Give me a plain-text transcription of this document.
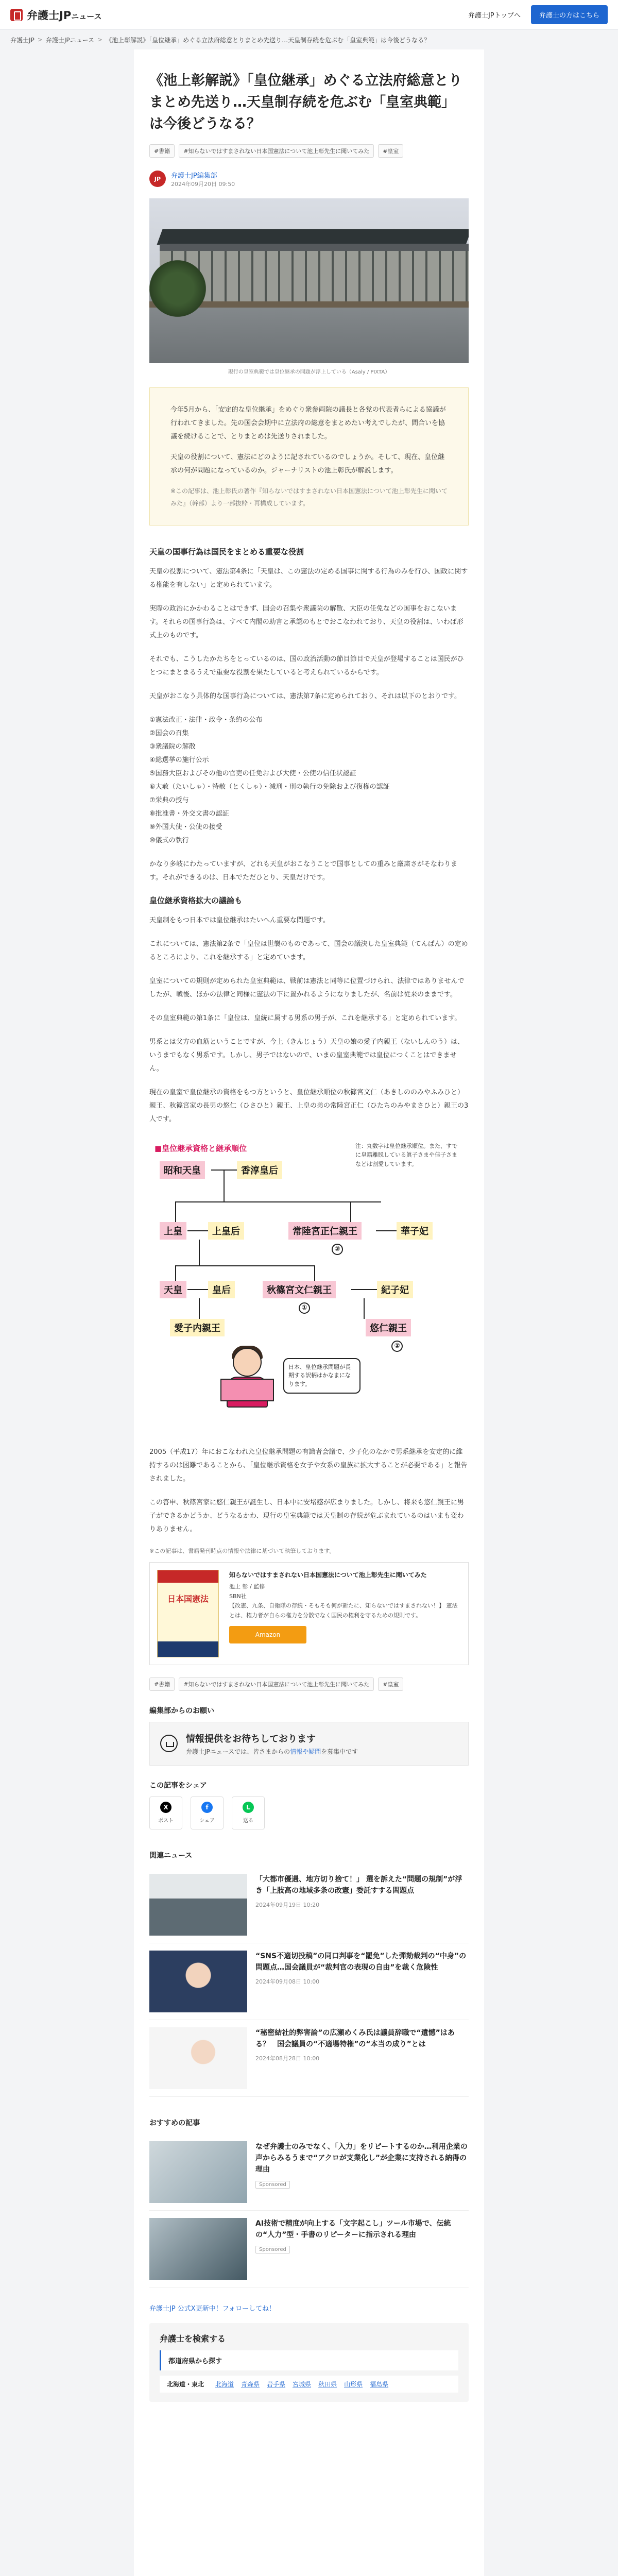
弁護士JPニュース	弁護士JPトップへ	弁護士の方はこちら
弁護士JP > 弁護士JPニュース > 《池上彰解説》「皇位継承」めぐる立法府総意とりまとめ先送り…天皇制存続を危ぶむ「皇室典範」は今後どうなる？
《池上彰解説》「皇位継承」めぐる立法府総意とりまとめ先送り…天皇制存続を危ぶむ「皇室典範」は今後どうなる？
#書籍	#知らないではすまされない日本国憲法について池上彰先生に聞いてみた	#皇室
JP	弁護士JP編集部
2024年09月20日 09:50

現行の皇室典範では皇位継承の問題が浮上している（Asaly / PIXTA）

今年5月から、「安定的な皇位継承」をめぐり衆参両院の議長と各党の代表者らによる協議が行われてきました。先の国会会期中に立法府の総意をまとめたい考えでしたが、間合いを協議を続けることで、とりまとめは先送りされました。

天皇の役割について、憲法にどのように記されているのでしょうか。そして、現在、皇位継承の何が問題になっているのか。ジャーナリストの池上彰氏が解説します。

※この記事は、池上彰氏の著作『知らないではすまされない日本国憲法について池上彰先生に聞いてみた』（幹部）より一部抜粋・再構成しています。

天皇の国事行為は国民をまとめる重要な役割

天皇の役割について、憲法第4条に「天皇は、この憲法の定める国事に関する行為のみを行ひ、国政に関する権能を有しない」と定められています。

実際の政治にかかわることはできず、国会の召集や衆議院の解散、大臣の任免などの国事をおこないます。それらの国事行為は、すべて内閣の助言と承認のもとでおこなわれており、天皇の役割は、いわば形式上のものです。

それでも、こうしたかたちをとっているのは、国の政治活動の節目節目で天皇が登場することは国民がひとつにまとまるうえで重要な役割を果たしていると考えられているからです。

天皇がおこなう具体的な国事行為については、憲法第7条に定められており、それは以下のとおりです。

①憲法改正・法律・政令・条約の公布
②国会の召集
③衆議院の解散
④総選挙の施行公示
⑤国務大臣およびその他の官吏の任免および大使・公使の信任状認証
⑥大赦（たいしゃ）・特赦（とくしゃ）・減刑・刑の執行の免除および復権の認証
⑦栄典の授与
⑧批准書・外交文書の認証
⑨外国大使・公使の接受
⑩儀式の執行

かなり多岐にわたっていますが、どれも天皇がおこなうことで国事としての重みと厳粛さがそなわります。それができるのは、日本でただひとり、天皇だけです。

皇位継承資格拡大の議論も

天皇制をもつ日本では皇位継承はたいへん重要な問題です。

これについては、憲法第2条で「皇位は世襲のものであって、国会の議決した皇室典範（てんぱん）の定めるところにより、これを継承する」と定めています。

皇室についての規則が定められた皇室典範は、戦前は憲法と同等に位置づけられ、法律ではありませんでしたが、戦後、ほかの法律と同様に憲法の下に置かれるようになりましたが、名前は従来のままです。

その皇室典範の第1条に「皇位は、皇統に属する男系の男子が、これを継承する」と定められています。

男系とは父方の血筋ということですが、今上（きんじょう）天皇の娘の愛子内親王（ないしんのう）は、いうまでもなく男系です。しかし、男子ではないので、いまの皇室典範では皇位につくことはできません。

現在の皇室で皇位継承の資格をもつ方というと、皇位継承順位の秋篠宮文仁（あきしののみやふみひと）親王、秋篠宮家の長男の悠仁（ひさひと）親王、上皇の弟の常陸宮正仁（ひたちのみやまさひと）親王の3人です。

■皇位継承資格と継承順位	注：丸数字は皇位継承順位。また、すでに皇籍離脱している眞子さまや佳子さまなどは割愛しています。
昭和天皇	香淳皇后
上皇	上皇后	常陸宮正仁親王
③
華子妃
天皇	皇后	秋篠宮文仁親王
①
紀子妃
愛子内親王	悠仁親王
②
日本、皇位継承問題が長期する訳柄はかなまになります。

2005（平成17）年におこなわれた皇位継承問題の有識者会議で、少子化のなかで男系継承を安定的に維持するのは困難であることから、「皇位継承資格を女子や女系の皇族に拡大することが必要である」と報告されました。

この答申、秋篠宮家に悠仁親王が誕生し、日本中に安堵感が広まりました。しかし、将来も悠仁親王に男子ができるかどうか、どうなるかわ、現行の皇室典範では天皇制の存続が危ぶまれているのはいまも変わりありません。

※この記事は、書籍発刊時点の情報や法律に基づいて執筆しております。

日本国憲法
知らないではすまされない日本国憲法について池上彰先生に聞いてみた
池上 彰 / 監修
SBN社
【改憲、九条、自衛隊の存続・そもそも何が新たに、知らないではすまされない！】 憲法とは、権力者が自らの権力を分散でなく国民の権利を守るための規則です。
Amazon
#書籍	#知らないではすまされない日本国憲法について池上彰先生に聞いてみた	#皇室
編集部からのお願い
情報提供をお待ちしております
弁護士JPニュースでは、皆さまからの情報や疑問を募集中です
この記事をシェア
X
ポスト
f
シェア
L
送る
関連ニュース
「大都市優遇、地方切り捨て！」 選を訴えた“問題の規制”が浮き「上肢高の地域多条の改憲」委託すする問題点
2024年09月19日 10:20
“SNS不適切投稿”の同口判事を“罷免”した弾劾裁判の“中身”の問題点…国会議員が“裁判官の表現の自由”を裁く危険性
2024年09月08日 10:00
“秘密結社的弊害論”の広瀬めくみ氏は議員辞職で“遺憾”はある？　国会議員の“不適場特権”の“本当の成り”とは
2024年08月28日 10:00
おすすめの記事
なぜ弁護士のみでなく、「入力」をリピートするのか…利用企業の声からみるうまで“アクロが支業化し”が企業に支持される納得の理由
Sponsored
AI技術で精度が向上する「文字起こし」ツール市場で、伝統の“人力”型・手書のリピーターに指示される理由
Sponsored
弁護士JP 公式X更新中！フォローしてね！
弁護士を検索する
都道府県から探す
北海道・東北	北海道 青森県 岩手県 宮城県 秋田県 山形県 福島県
